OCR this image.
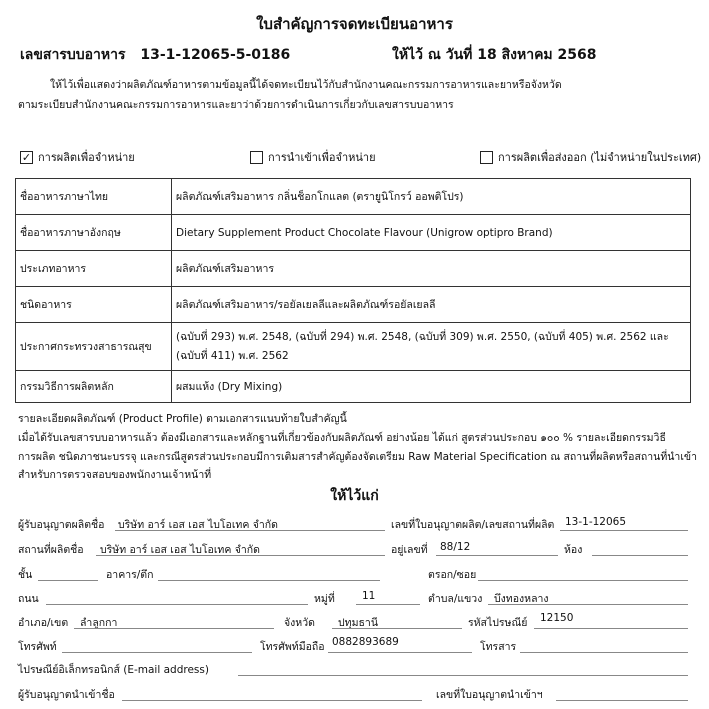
ใบสำคัญการจดทะเบียนอาหาร
เลขสารบบอาหาร 13-1-12065-5-0186	ให้ไว้ ณ วันที่ 18 สิงหาคม 2568
ให้ไว้เพื่อแสดงว่าผลิตภัณฑ์อาหารตามข้อมูลนี้ได้จดทะเบียนไว้กับสำนักงานคณะกรรมการอาหารและยาหรือจังหวัด
ตามระเบียบสำนักงานคณะกรรมการอาหารและยาว่าด้วยการดำเนินการเกี่ยวกับเลขสารบบอาหาร
✓ การผลิตเพื่อจำหน่าย	การนำเข้าเพื่อจำหน่าย	การผลิตเพื่อส่งออก (ไม่จำหน่ายในประเทศ)
ชื่ออาหารภาษาไทย	ผลิตภัณฑ์เสริมอาหาร กลิ่นช็อกโกแลต (ตรายูนิโกรว์ ออพติโปร)
ชื่ออาหารภาษาอังกฤษ	Dietary Supplement Product Chocolate Flavour (Unigrow optipro Brand)
ประเภทอาหาร	ผลิตภัณฑ์เสริมอาหาร
ชนิดอาหาร	ผลิตภัณฑ์เสริมอาหาร/รอยัลเยลลีและผลิตภัณฑ์รอยัลเยลลี
ประกาศกระทรวงสาธารณสุข	(ฉบับที่ 293) พ.ศ. 2548, (ฉบับที่ 294) พ.ศ. 2548, (ฉบับที่ 309) พ.ศ. 2550, (ฉบับที่ 405) พ.ศ. 2562 และ (ฉบับที่ 411) พ.ศ. 2562
กรรมวิธีการผลิตหลัก	ผสมแห้ง (Dry Mixing)
รายละเอียดผลิตภัณฑ์ (Product Profile) ตามเอกสารแนบท้ายใบสำคัญนี้
เมื่อได้รับเลขสารบบอาหารแล้ว ต้องมีเอกสารและหลักฐานที่เกี่ยวข้องกับผลิตภัณฑ์ อย่างน้อย ได้แก่ สูตรส่วนประกอบ ๑๐๐ % รายละเอียดกรรมวิธี
การผลิต ชนิดภาชนะบรรจุ และกรณีสูตรส่วนประกอบมีการเติมสารสำคัญต้องจัดเตรียม Raw Material Specification ณ สถานที่ผลิตหรือสถานที่นำเข้า
สำหรับการตรวจสอบของพนักงานเจ้าหน้าที่
ให้ไว้แก่
ผู้รับอนุญาตผลิตชื่อ บริษัท อาร์ เอส เอส ไบโอเทค จำกัด	เลขที่ใบอนุญาตผลิต/เลขสถานที่ผลิต 13-1-12065
สถานที่ผลิตชื่อ บริษัท อาร์ เอส เอส ไบโอเทค จำกัด	อยู่เลขที่ 88/12	ห้อง
ชั้น	อาคาร/ตึก	ตรอก/ซอย
ถนน	หมู่ที่	11	ตำบล/แขวง บึงทองหลาง
อำเภอ/เขต ลำลูกกา	จังหวัด ปทุมธานี	รหัสไปรษณีย์ 12150
โทรศัพท์	โทรศัพท์มือถือ 0882893689	โทรสาร
ไปรษณีย์อิเล็กทรอนิกส์ (E-mail address)
ผู้รับอนุญาตนำเข้าชื่อ	เลขที่ใบอนุญาตนำเข้าฯ
